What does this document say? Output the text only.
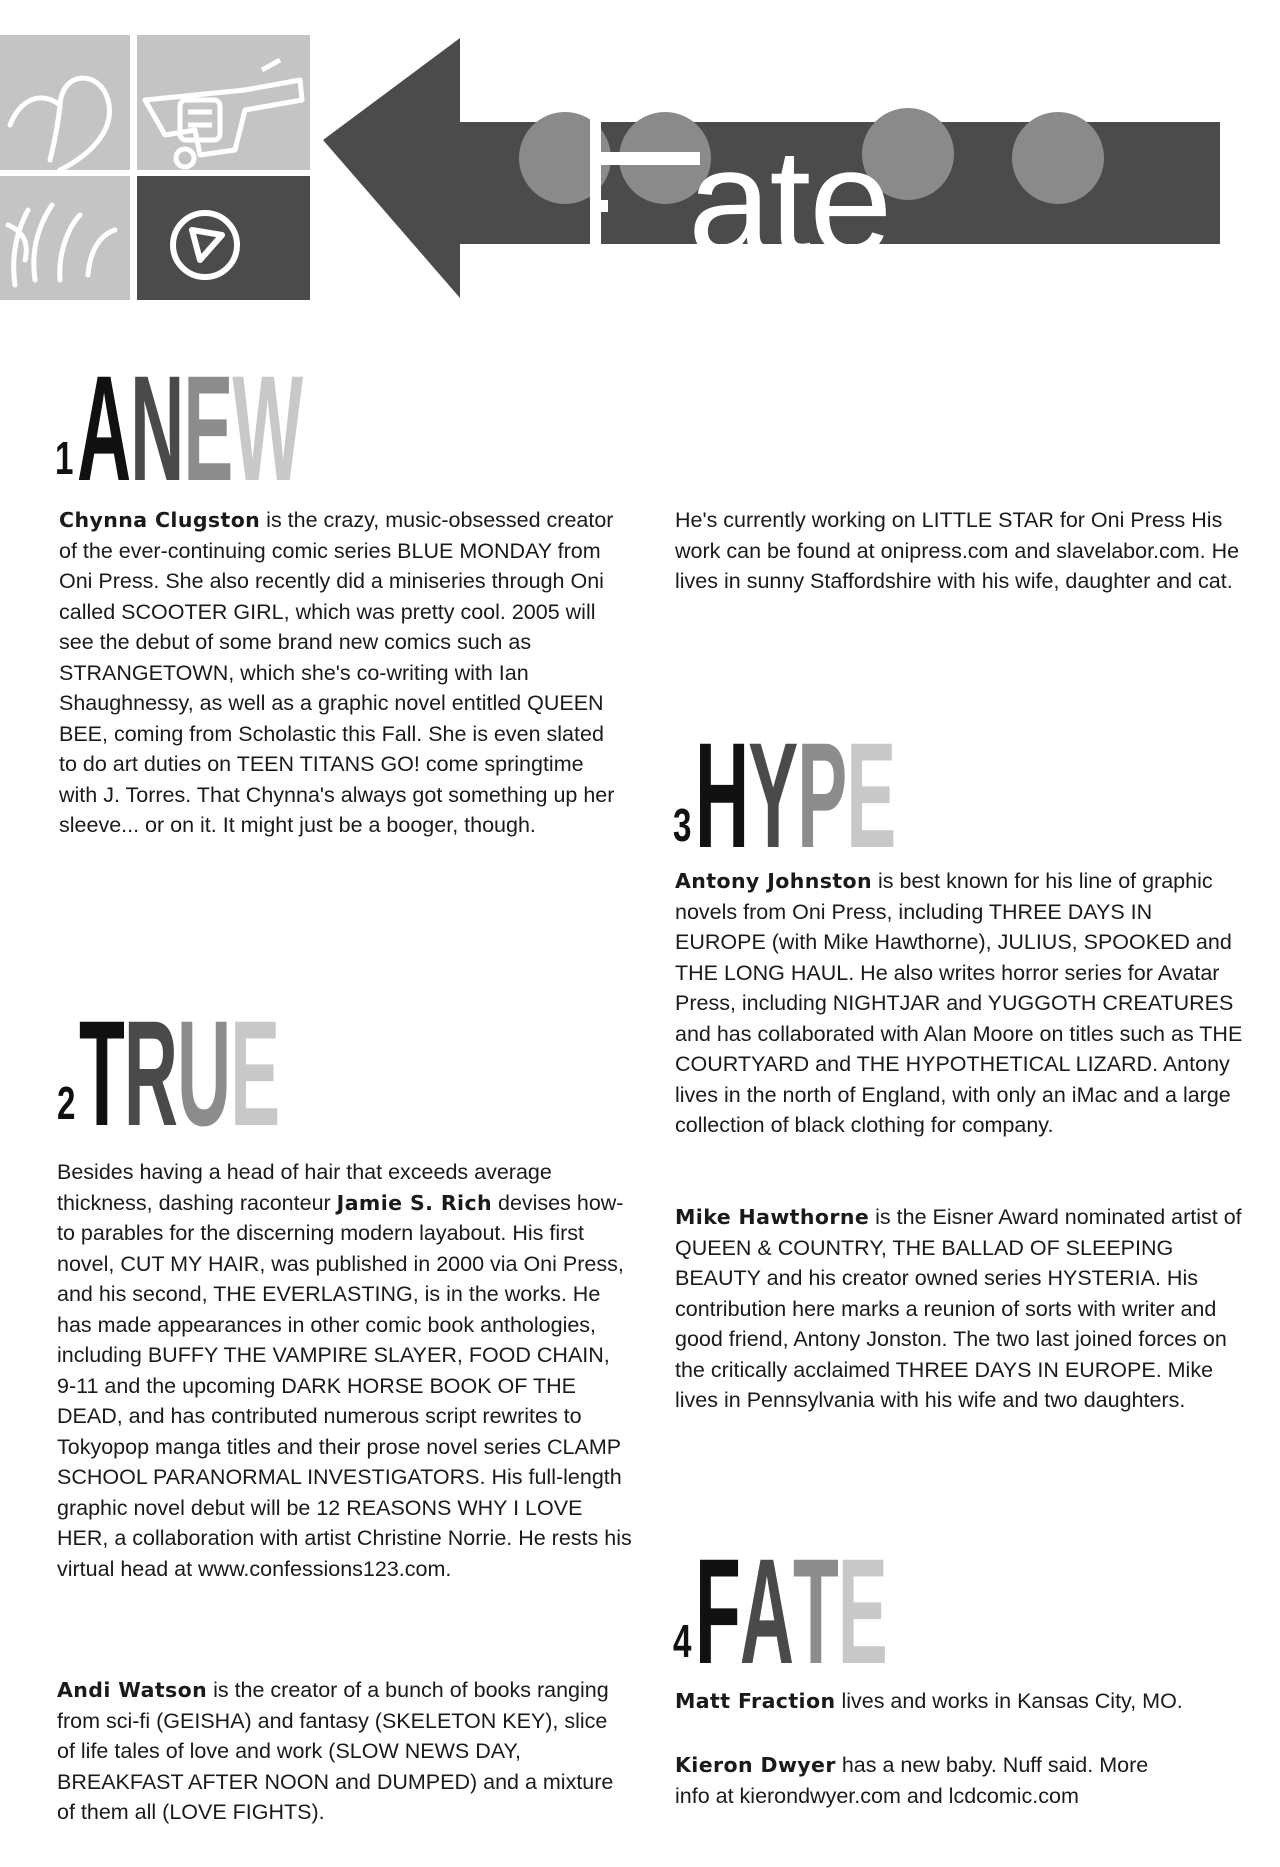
ate
1 ANEW
Chynna Clugston is the crazy, music-obsessed creator of the ever-continuing comic series BLUE MONDAY from Oni Press. She also recently did a miniseries through Oni called SCOOTER GIRL, which was pretty cool. 2005 will see the debut of some brand new comics such as STRANGETOWN, which she's co-writing with Ian Shaughnessy, as well as a graphic novel entitled QUEEN BEE, coming from Scholastic this Fall. She is even slated to do art duties on TEEN TITANS GO! come springtime with J. Torres. That Chynna's always got something up her sleeve... or on it. It might just be a booger, though.
2 TRUE
Besides having a head of hair that exceeds average thickness, dashing raconteur Jamie S. Rich devises how-to parables for the discerning modern layabout. His first novel, CUT MY HAIR, was published in 2000 via Oni Press, and his second, THE EVERLASTING, is in the works. He has made appearances in other comic book anthologies, including BUFFY THE VAMPIRE SLAYER, FOOD CHAIN, 9-11 and the upcoming DARK HORSE BOOK OF THE DEAD, and has contributed numerous script rewrites to Tokyopop manga titles and their prose novel series CLAMP SCHOOL PARANORMAL INVESTIGATORS. His full-length graphic novel debut will be 12 REASONS WHY I LOVE HER, a collaboration with artist Christine Norrie. He rests his virtual head at www.confessions123.com.
Andi Watson is the creator of a bunch of books ranging from sci-fi (GEISHA) and fantasy (SKELETON KEY), slice of life tales of love and work (SLOW NEWS DAY, BREAKFAST AFTER NOON and DUMPED) and a mixture of them all (LOVE FIGHTS).
He's currently working on LITTLE STAR for Oni Press His work can be found at onipress.com and slavelabor.com. He lives in sunny Staffordshire with his wife, daughter and cat.
3 HYPE
Antony Johnston is best known for his line of graphic novels from Oni Press, including THREE DAYS IN EUROPE (with Mike Hawthorne), JULIUS, SPOOKED and THE LONG HAUL. He also writes horror series for Avatar Press, including NIGHTJAR and YUGGOTH CREATURES and has collaborated with Alan Moore on titles such as THE COURTYARD and THE HYPOTHETICAL LIZARD. Antony lives in the north of England, with only an iMac and a large collection of black clothing for company.
Mike Hawthorne is the Eisner Award nominated artist of QUEEN & COUNTRY, THE BALLAD OF SLEEPING BEAUTY and his creator owned series HYSTERIA. His contribution here marks a reunion of sorts with writer and good friend, Antony Jonston. The two last joined forces on the critically acclaimed THREE DAYS IN EUROPE. Mike lives in Pennsylvania with his wife and two daughters.
4 FATE
Matt Fraction lives and works in Kansas City, MO.
Kieron Dwyer has a new baby. Nuff said. More info at kierondwyer.com and lcdcomic.com
